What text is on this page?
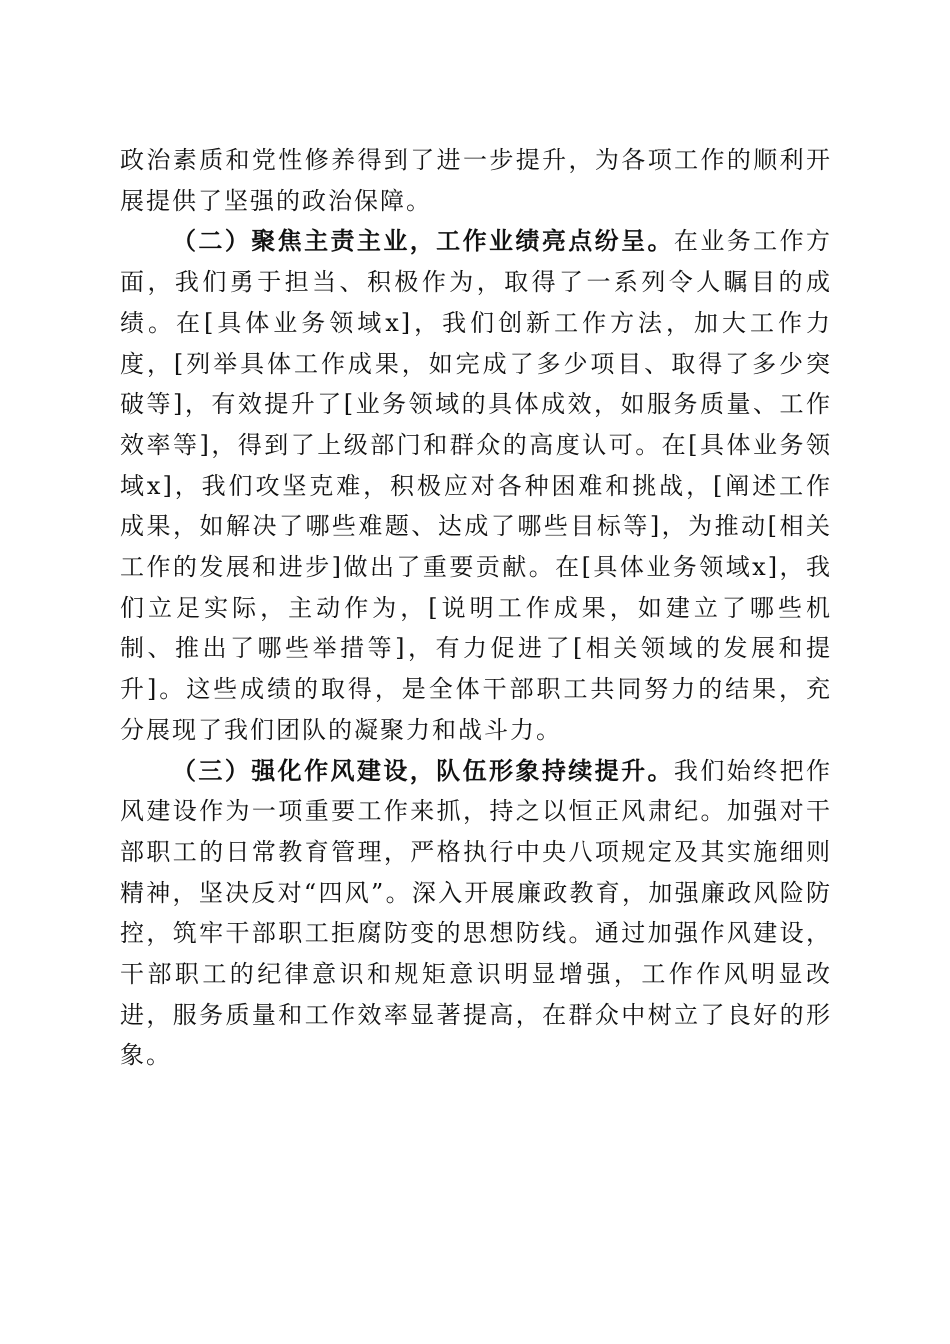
政治素质和党性修养得到了进一步提升，为各项工作的顺利开展提供了坚强的政治保障。

（二）聚焦主责主业，工作业绩亮点纷呈。在业务工作方面，我们勇于担当、积极作为，取得了一系列令人瞩目的成绩。在[具体业务领域x]，我们创新工作方法，加大工作力度，[列举具体工作成果，如完成了多少项目、取得了多少突破等]，有效提升了[业务领域的具体成效，如服务质量、工作效率等]，得到了上级部门和群众的高度认可。在[具体业务领域x]，我们攻坚克难，积极应对各种困难和挑战，[阐述工作成果，如解决了哪些难题、达成了哪些目标等]，为推动[相关工作的发展和进步]做出了重要贡献。在[具体业务领域x]，我们立足实际，主动作为，[说明工作成果，如建立了哪些机制、推出了哪些举措等]，有力促进了[相关领域的发展和提升]。这些成绩的取得，是全体干部职工共同努力的结果，充分展现了我们团队的凝聚力和战斗力。

（三）强化作风建设，队伍形象持续提升。我们始终把作风建设作为一项重要工作来抓，持之以恒正风肃纪。加强对干部职工的日常教育管理，严格执行中央八项规定及其实施细则精神，坚决反对“四风”。深入开展廉政教育，加强廉政风险防控，筑牢干部职工拒腐防变的思想防线。通过加强作风建设，干部职工的纪律意识和规矩意识明显增强，工作作风明显改进，服务质量和工作效率显著提高，在群众中树立了良好的形象。
